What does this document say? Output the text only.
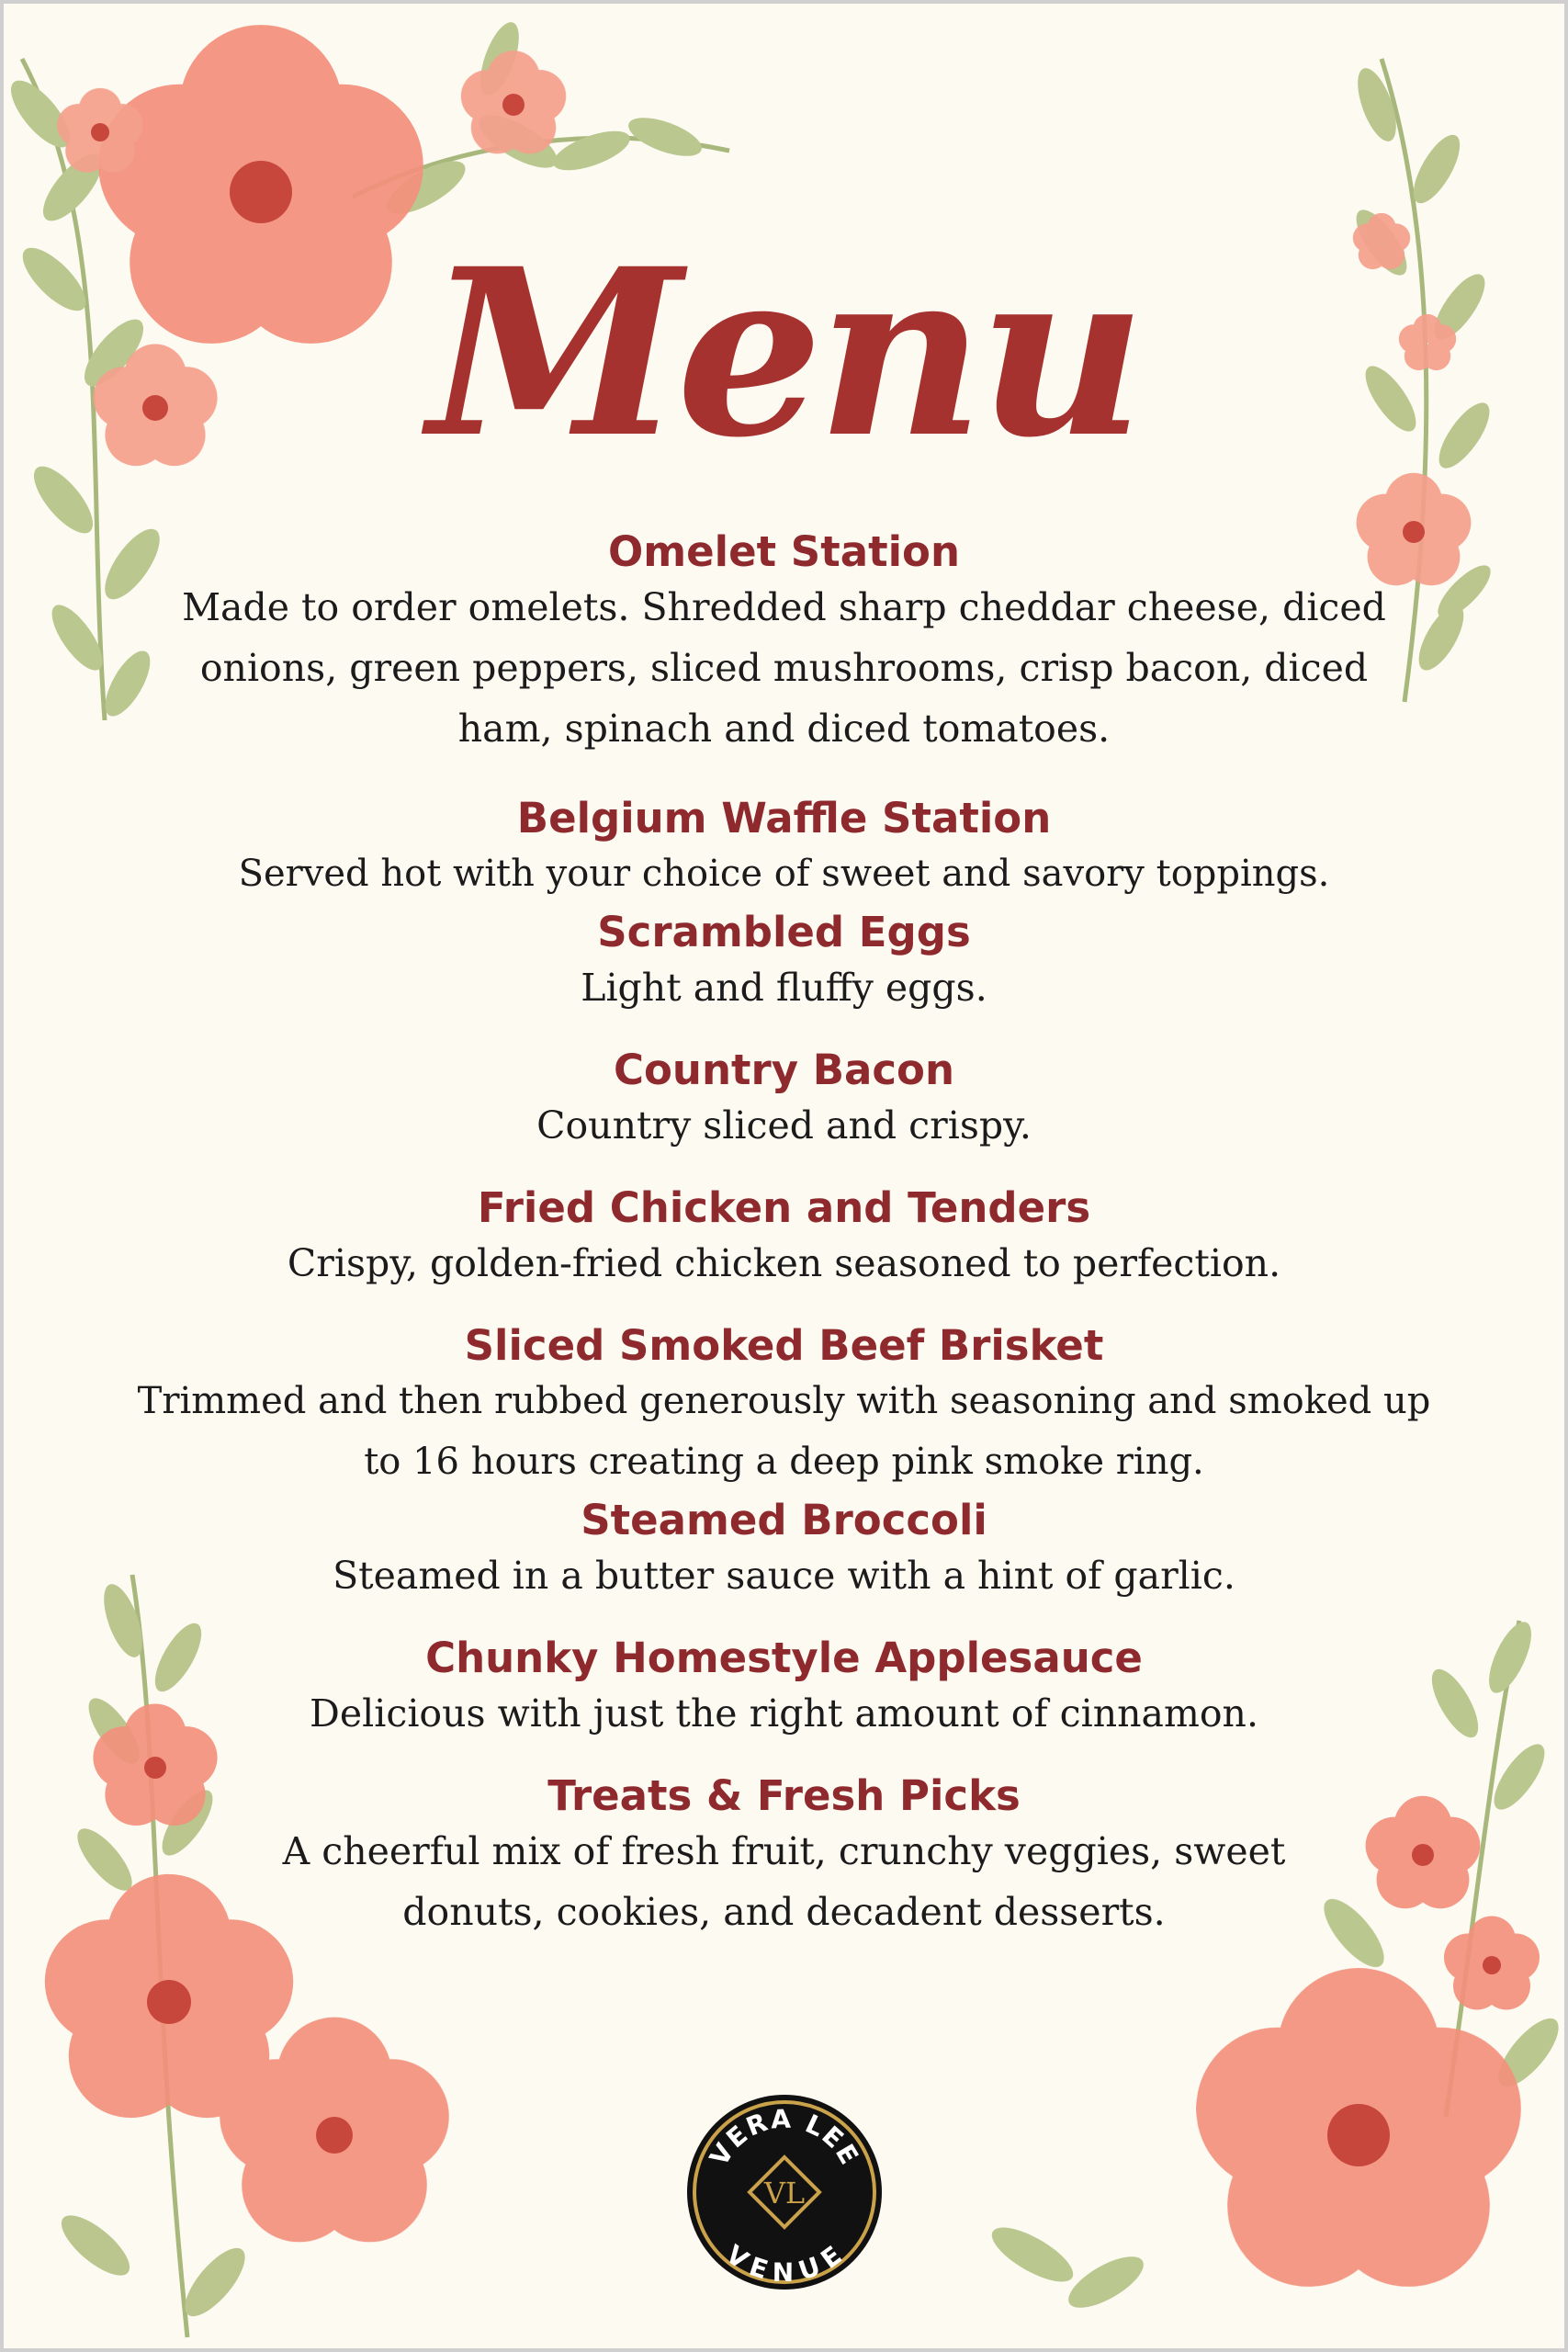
Menu
Omelet Station
Made to order omelets. Shredded sharp cheddar cheese, diced onions, green peppers, sliced mushrooms, crisp bacon, diced ham, spinach and diced tomatoes.
Belgium Waffle Station
Served hot with your choice of sweet and savory toppings.
Scrambled Eggs
Light and fluffy eggs.
Country Bacon
Country sliced and crispy.
Fried Chicken and Tenders
Crispy, golden-fried chicken seasoned to perfection.
Sliced Smoked Beef Brisket
Trimmed and then rubbed generously with seasoning and smoked up to 16 hours creating a deep pink smoke ring.
Steamed Broccoli
Steamed in a butter sauce with a hint of garlic.
Chunky Homestyle Applesauce
Delicious with just the right amount of cinnamon.
Treats & Fresh Picks
A cheerful mix of fresh fruit, crunchy veggies, sweet donuts, cookies, and decadent desserts.
VERA LEE
VENUE
VL
